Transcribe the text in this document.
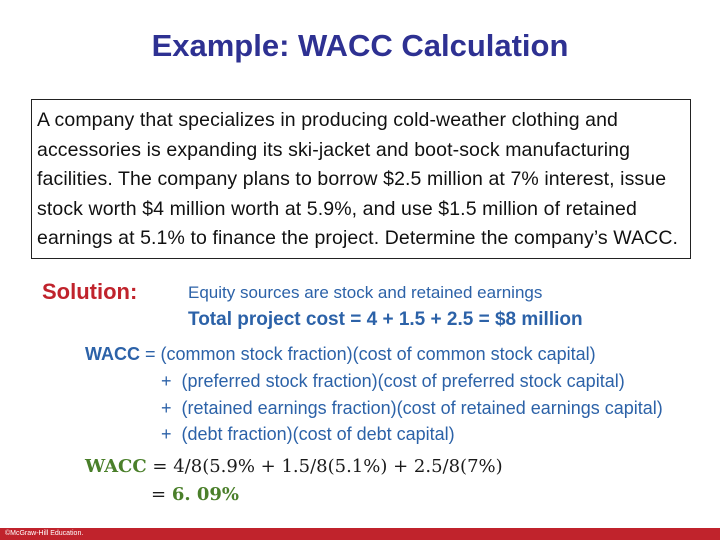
Example: WACC Calculation
A company that specializes in producing cold-weather clothing and accessories is expanding its ski-jacket and boot-sock manufacturing facilities. The company plans to borrow $2.5 million at 7% interest, issue stock worth $4 million worth at 5.9%, and use $1.5 million of retained earnings at 5.1% to finance the project. Determine the company’s WACC.
Solution:	Equity sources are stock and retained earnings
Total project cost = 4 + 1.5 + 2.5 = $8 million
WACC = (common stock fraction)(cost of common stock capital)
+ (preferred stock fraction)(cost of preferred stock capital)
+ (retained earnings fraction)(cost of retained earnings capital)
+ (debt fraction)(cost of debt capital)
WACC = 4/8(5.9% + 1.5/8(5.1%) + 2.5/8(7%)
= 6. 09%
©McGraw-Hill Education.
